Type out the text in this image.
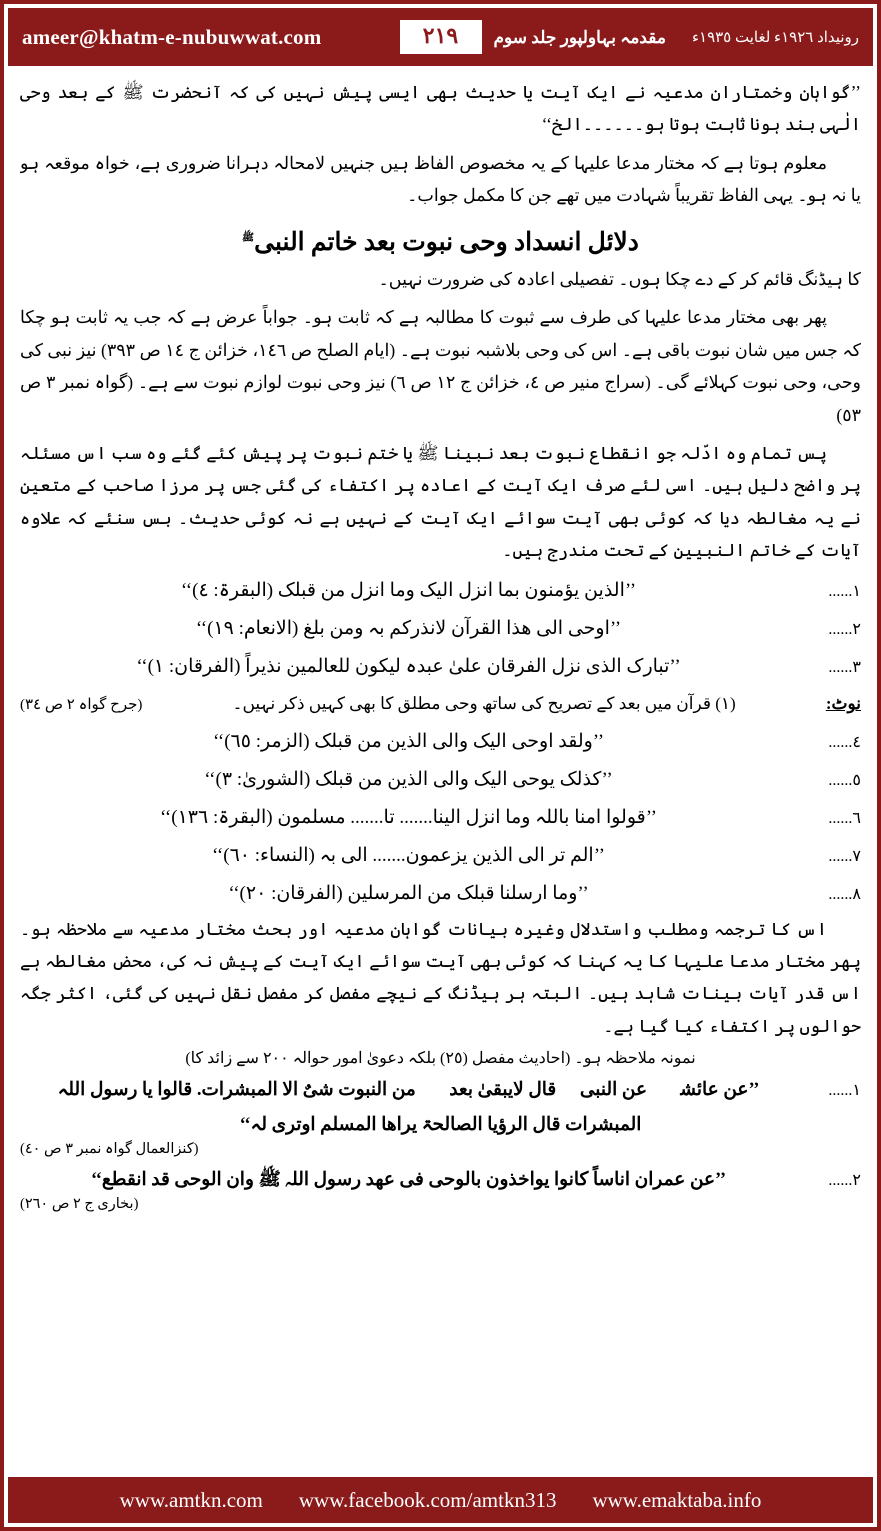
ameer@khatm-e-nubuwwat.com	٢١٩	رونیداد ١٩٢٦ء لغایت ١٩٣٥ء
مقدمہ بہاولپور جلد سوم

’’گواہان وخمتاران مدعیہ نے ایک آیت یا حدیث بھی ایسی پیش نہیں کی کہ آنحضرت ﷺ کے بعد وحی الٰہی بند ہونا ثابت ہوتا ہو۔۔۔۔۔۔الخ‘‘

معلوم ہوتا ہے کہ مختار مدعا علیہا کے یہ مخصوص الفاظ ہیں جنہیں لامحالہ دہرانا ضروری ہے، خواہ موقعہ ہو یا نہ ہو۔ یہی الفاظ تقریباً شہادت میں تھے جن کا مکمل جواب۔

دلائل انسداد وحی نبوت بعد خاتم النبی$^ﷺ$

کا ہیڈنگ قائم کر کے دے چکا ہوں۔ تفصیلی اعادہ کی ضرورت نہیں۔

پھر بھی مختار مدعا علیہا کی طرف سے ثبوت کا مطالبہ ہے کہ ثابت ہو۔ جواباً عرض ہے کہ جب یہ ثابت ہو چکا کہ جس میں شان نبوت باقی ہے۔ اس کی وحی بلاشبہ نبوت ہے۔ (ایام الصلح ص ١٤٦، خزائن ج ١٤ ص ٣٩٣) نیز نبی کی وحی، وحی نبوت کہلائے گی۔ (سراج منیر ص ٤، خزائن ج ١٢ ص ٦) نیز وحی نبوت لوازم نبوت سے ہے۔ (گواہ نمبر ٣ ص ٥٣)

پس تمام وہ ادّلہ جو انقطاع نبوت بعد نبینا ﷺ یا ختم نبوت پر پیش کئے گئے وہ سب اس مسئلہ پر واضح دلیل ہیں۔ اسی لئے صرف ایک آیت کے اعادہ پر اکتفاء کی گئی جس پر مرزا صاحب کے متعین نے یہ مغالطہ دیا کہ کوئی بھی آیت سوائے ایک آیت کے نہیں ہے نہ کوئی حدیث۔ بس سنئے کہ علاوہ آیات کے خاتم النبیین کے تحت مندرج ہیں۔

١......
’’الذین یؤمنون بما انزل الیک وما انزل من قبلک (البقرۃ: ٤)‘‘
٢......
’’اوحی الی ھذا القرآن لانذرکم بہ ومن بلغ (الانعام: ١٩)‘‘
٣......
’’تبارک الذی نزل الفرقان علیٰ عبدہ لیکون للعالمین نذیراً (الفرقان: ١)‘‘
نوٹ:
(١) قرآن میں بعد کے تصریح کی ساتھ وحی مطلق کا بھی کہیں ذکر نہیں۔
(جرح گواہ ٢ ص ٣٤)
٤......
’’ولقد اوحی الیک والی الذین من قبلک (الزمر: ٦٥)‘‘
٥......
’’کذلک یوحی الیک والی الذین من قبلک (الشوریٰ: ٣)‘‘
٦......
’’قولوا امنا باللہ وما انزل الینا....... تا....... مسلمون (البقرۃ: ١٣٦)‘‘
٧......
’’الم تر الی الذین یزعمون....... الی بہ (النساء: ٦٠)‘‘
٨......
’’وما ارسلنا قبلک من المرسلین (الفرقان: ٢٠)‘‘

اس کا ترجمہ ومطلب واستدلال وغیرہ بیانات گواہان مدعیہ اور بحث مختار مدعیہ سے ملاحظہ ہو۔ پھر مختار مدعا علیہا کا یہ کہنا کہ کوئی بھی آیت سوائے ایک آیت کے پیش نہ کی، محض مغالطہ ہے اس قدر آیات بینات شاہد ہیں۔ البتہ ہر ہیڈنگ کے نیچے مفصل کر مفصل نقل نہیں کی گئی، اکثر جگہ حوالوں پر اکتفاء کیا گیا ہے۔

نمونہ ملاحظہ ہو۔ (احادیث مفصل (٢٥) بلکہ دعویٰ امور حوالہ ٢٠٠ سے زائد کا)

١......
’’عن عائشۃؓ عن النبی ﷺ قال لایبقیٰ بعدہٗ من النبوت شیٌ الا المبشرات. قالوا یا رسول اللہ
المبشرات قال الرؤیا الصالحۃ یراھا المسلم اوتری لہ‘‘
(کنزالعمال گواہ نمبر ٣ ص ٤٠)
٢......
’’عن عمران اناساً کانوا یواخذون بالوحی فی عھد رسول اللہ ﷺ وان الوحی قد انقطع‘‘
(بخاری ج ٢ ص ٢٦٠)
www.amtkn.com www.facebook.com/amtkn313 www.emaktaba.info
